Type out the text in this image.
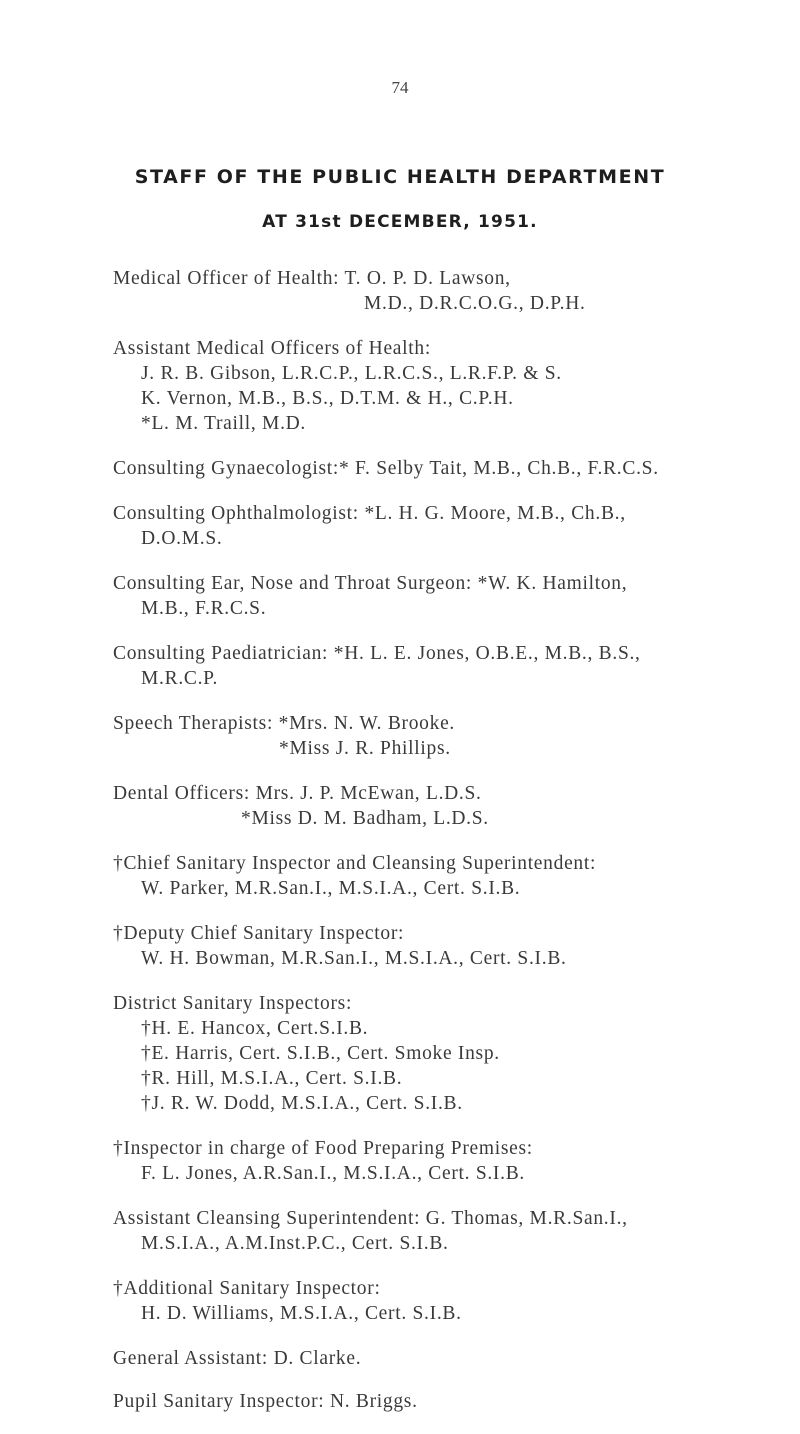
74
STAFF OF THE PUBLIC HEALTH DEPARTMENT
AT 31st DECEMBER, 1951.
Medical Officer of Health: T. O. P. D. Lawson,
M.D., D.R.C.O.G., D.P.H.
Assistant Medical Officers of Health:
J. R. B. Gibson, L.R.C.P., L.R.C.S., L.R.F.P. & S.
K. Vernon, M.B., B.S., D.T.M. & H., C.P.H.
*L. M. Traill, M.D.
Consulting Gynaecologist:* F. Selby Tait, M.B., Ch.B., F.R.C.S.
Consulting Ophthalmologist: *L. H. G. Moore, M.B., Ch.B.,
D.O.M.S.
Consulting Ear, Nose and Throat Surgeon: *W. K. Hamilton,
M.B., F.R.C.S.
Consulting Paediatrician: *H. L. E. Jones, O.B.E., M.B., B.S.,
M.R.C.P.
Speech Therapists: *Mrs. N. W. Brooke.
*Miss J. R. Phillips.
Dental Officers: Mrs. J. P. McEwan, L.D.S.
*Miss D. M. Badham, L.D.S.
†Chief Sanitary Inspector and Cleansing Superintendent:
W. Parker, M.R.San.I., M.S.I.A., Cert. S.I.B.
†Deputy Chief Sanitary Inspector:
W. H. Bowman, M.R.San.I., M.S.I.A., Cert. S.I.B.
District Sanitary Inspectors:
†H. E. Hancox, Cert.S.I.B.
†E. Harris, Cert. S.I.B., Cert. Smoke Insp.
†R. Hill, M.S.I.A., Cert. S.I.B.
†J. R. W. Dodd, M.S.I.A., Cert. S.I.B.
†Inspector in charge of Food Preparing Premises:
F. L. Jones, A.R.San.I., M.S.I.A., Cert. S.I.B.
Assistant Cleansing Superintendent: G. Thomas, M.R.San.I.,
M.S.I.A., A.M.Inst.P.C., Cert. S.I.B.
†Additional Sanitary Inspector:
H. D. Williams, M.S.I.A., Cert. S.I.B.
General Assistant: D. Clarke.
Pupil Sanitary Inspector: N. Briggs.
